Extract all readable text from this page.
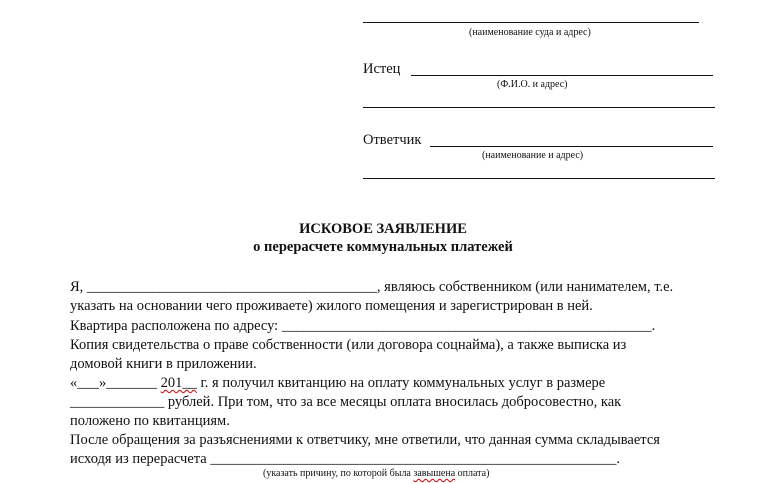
(наименование суда и адрес)
Истец
(Ф.И.О. и адрес)
Ответчик
(наименование и адрес)
ИСКОВОЕ ЗАЯВЛЕНИЕ
о перерасчете коммунальных платежей
Я, ________________________________________, являюсь собственником (или нанимателем, т.е.
указать на основании чего проживаете) жилого помещения и зарегистрирован в ней.
Квартира расположена по адресу: ___________________________________________________.
Копия свидетельства о праве собственности (или договора соцнайма), а также выписка из
домовой книги в приложении.
«___»_______ 201__ г. я получил квитанцию на оплату коммунальных услуг в размере
_____________ рублей. При том, что за все месяцы оплата вносилась добросовестно, как
положено по квитанциям.
После обращения за разъяснениями к ответчику, мне ответили, что данная сумма складывается
исходя из перерасчета ________________________________________________________.
(указать причину, по которой была завышена оплата)
